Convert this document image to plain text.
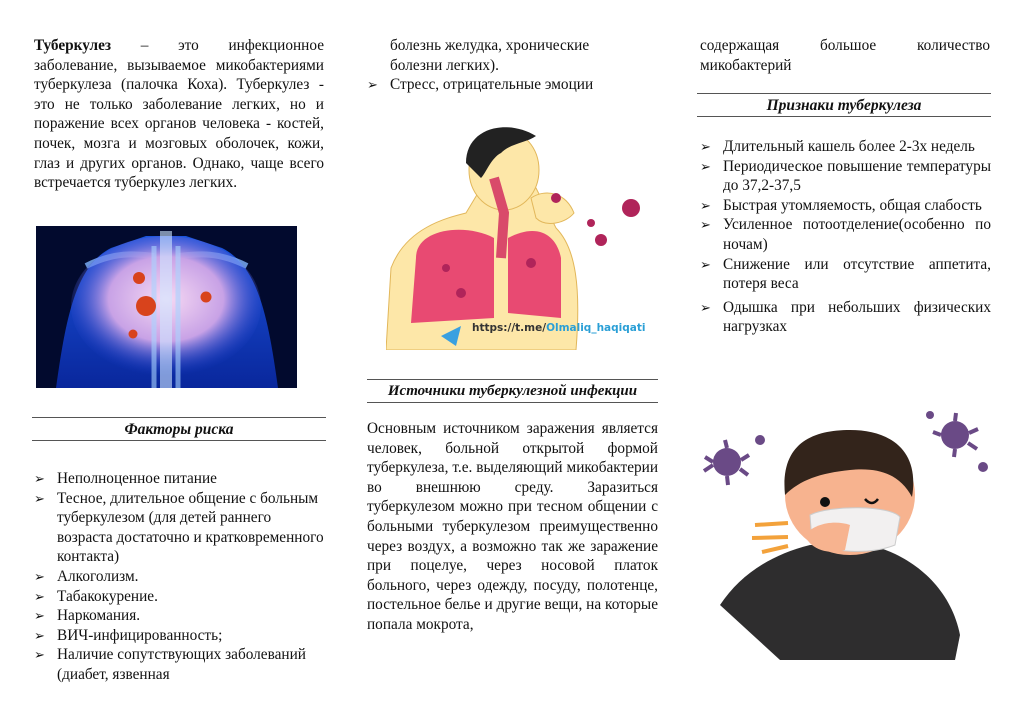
Туберкулез – это инфекционное заболевание, вызываемое микобактериями туберкулеза (палочка Коха). Туберкулез - это не только заболевание легких, но и поражение всех органов человека - костей, почек, мозга и мозговых оболочек, кожи, глаз и других органов. Однако, чаще всего встречается туберкулез легких.

Факторы риска
➢ Неполноценное питание
➢ Тесное, длительное общение с больным туберкулезом (для детей раннего возраста достаточно и кратковременного контакта)
➢ Алкоголизм.
➢ Табакокурение.
➢ Наркомания.
➢ ВИЧ-инфицированность;
➢ Наличие сопутствующих заболеваний (диабет, язвенная
болезнь желудка, хронические болезни легких).
➢ Стресс, отрицательные эмоции
https://t.me/Olmaliq_haqiqati
Источники туберкулезной инфекции

Основным источником заражения является человек, больной открытой формой туберкулеза, т.е. выделяющий микобактерии во внешнюю среду. Заразиться туберкулезом можно при тесном общении с больными туберкулезом преимущественно через воздух, а возможно так же заражение при поцелуе, через носовой платок больного, через одежду, посуду, полотенце, постельное белье и другие вещи, на которые попала мокрота,

содержащая большое количество микобактерий

Признаки туберкулеза
➢ Длительный кашель более 2-3х недель
➢ Периодическое повышение температуры до 37,2-37,5
➢ Быстрая утомляемость, общая слабость
➢ Усиленное потоотделение(особенно по ночам)
➢ Снижение или отсутствие аппетита, потеря веса
➢ Одышка при небольших физических нагрузках
